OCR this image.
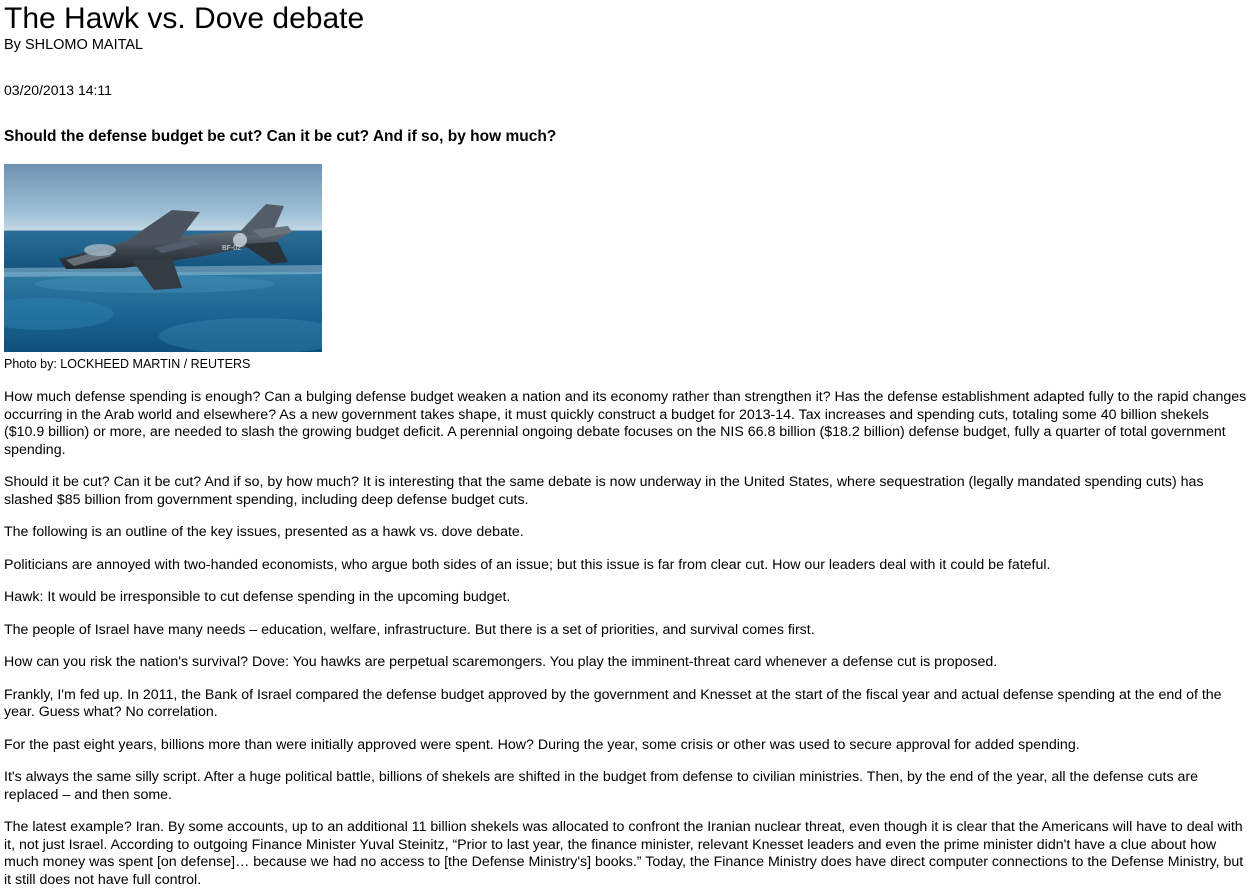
The Hawk vs. Dove debate
By SHLOMO MAITAL
03/20/2013 14:11
Should the defense budget be cut? Can it be cut? And if so, by how much?
BF-02
Photo by: LOCKHEED MARTIN / REUTERS

How much defense spending is enough? Can a bulging defense budget weaken a nation and its economy rather than strengthen it? Has the defense establishment adapted fully to the rapid changes occurring in the Arab world and elsewhere? As a new government takes shape, it must quickly construct a budget for 2013-14. Tax increases and spending cuts, totaling some 40 billion shekels ($10.9 billion) or more, are needed to slash the growing budget deficit. A perennial ongoing debate focuses on the NIS 66.8 billion ($18.2 billion) defense budget, fully a quarter of total government spending.

Should it be cut? Can it be cut? And if so, by how much? It is interesting that the same debate is now underway in the United States, where sequestration (legally mandated spending cuts) has slashed $85 billion from government spending, including deep defense budget cuts.

The following is an outline of the key issues, presented as a hawk vs. dove debate.

Politicians are annoyed with two-handed economists, who argue both sides of an issue; but this issue is far from clear cut. How our leaders deal with it could be fateful.

Hawk: It would be irresponsible to cut defense spending in the upcoming budget.

The people of Israel have many needs – education, welfare, infrastructure. But there is a set of priorities, and survival comes first.

How can you risk the nation's survival? Dove: You hawks are perpetual scaremongers. You play the imminent-threat card whenever a defense cut is proposed.

Frankly, I'm fed up. In 2011, the Bank of Israel compared the defense budget approved by the government and Knesset at the start of the fiscal year and actual defense spending at the end of the year. Guess what? No correlation.

For the past eight years, billions more than were initially approved were spent. How? During the year, some crisis or other was used to secure approval for added spending.

It's always the same silly script. After a huge political battle, billions of shekels are shifted in the budget from defense to civilian ministries. Then, by the end of the year, all the defense cuts are replaced – and then some.

The latest example? Iran. By some accounts, up to an additional 11 billion shekels was allocated to confront the Iranian nuclear threat, even though it is clear that the Americans will have to deal with it, not just Israel. According to outgoing Finance Minister Yuval Steinitz, “Prior to last year, the finance minister, relevant Knesset leaders and even the prime minister didn't have a clue about how much money was spent [on defense]… because we had no access to [the Defense Ministry's] books.” Today, the Finance Ministry does have direct computer connections to the Defense Ministry, but it still does not have full control.
